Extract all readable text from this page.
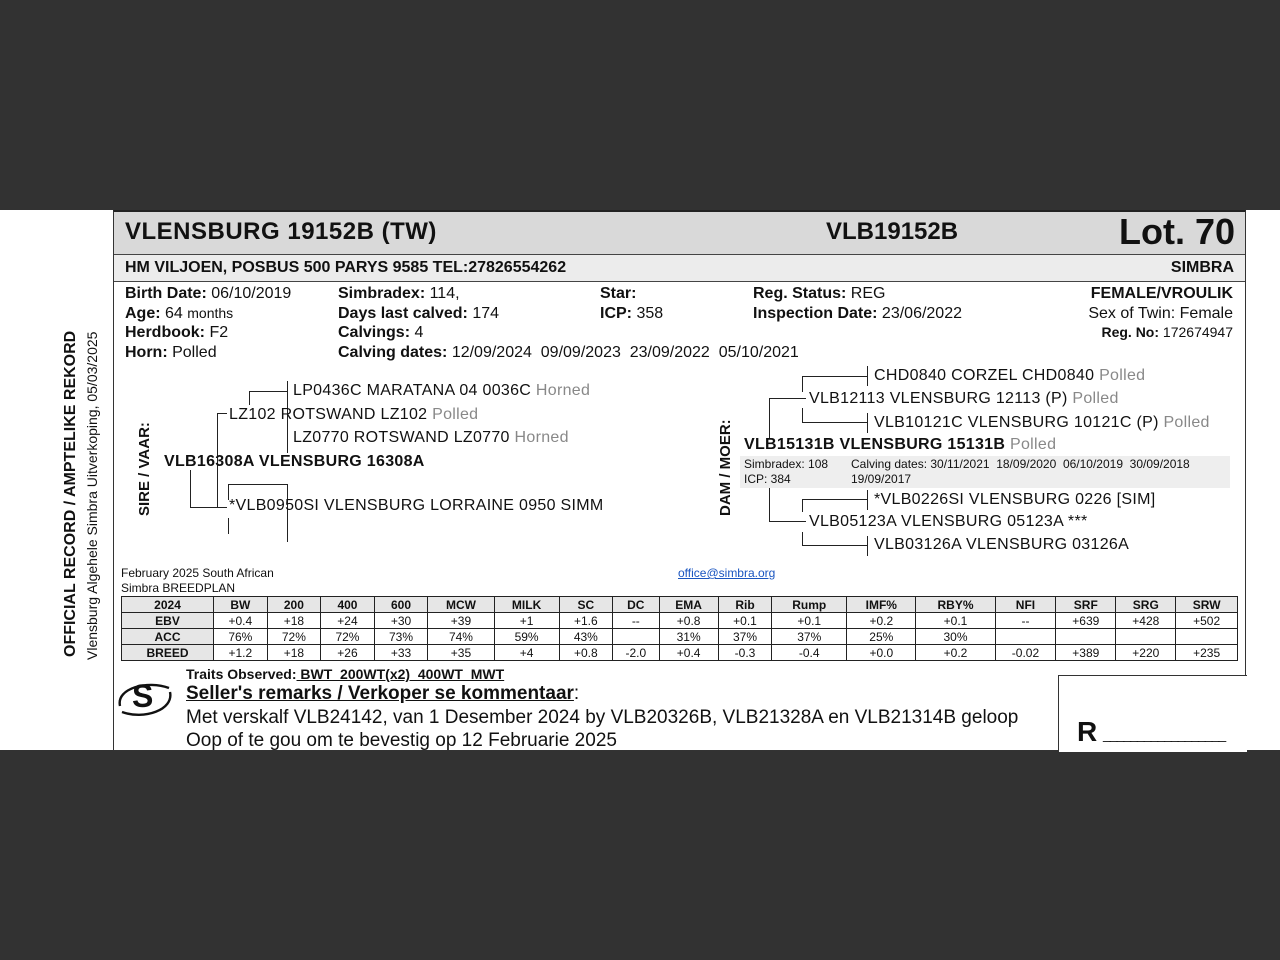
OFFICIAL RECORD / AMPTELIKE REKORD Vlensburg Algehele Simbra Uitverkoping, 05/03/2025
VLENSBURG 19152B (TW)	VLB19152B	Lot. 70
HM VILJOEN, POSBUS 500 PARYS 9585 TEL:27826554262	SIMBRA
Birth Date: 06/10/2019
Age: 64 months
Herdbook: F2
Horn: Polled
Simbradex: 114,
Days last calved: 174
Calvings: 4
Calving dates: 12/09/2024  09/09/2023  23/09/2022  05/10/2021
Star:
ICP: 358
Reg. Status: REG
Inspection Date: 23/06/2022
FEMALE/VROULIK
Sex of Twin: Female
Reg. No: 172674947
SIRE / VAAR:
LP0436C MARATANA 04 0036C Horned
LZ102 ROTSWAND LZ102 Polled
LZ0770 ROTSWAND LZ0770 Horned
VLB16308A VLENSBURG 16308A
*VLB0950SI VLENSBURG LORRAINE 0950 SIMM	DAM / MOER:
CHD0840 CORZEL CHD0840 Polled
VLB12113 VLENSBURG 12113 (P) Polled
VLB10121C VLENSBURG 10121C (P) Polled
VLB15131B VLENSBURG 15131B Polled
Simbradex: 108
ICP: 384
Calving dates: 30/11/2021  18/09/2020  06/10/2019  30/09/2018
19/09/2017
*VLB0226SI VLENSBURG 0226 [SIM]
VLB05123A VLENSBURG 05123A ***
VLB03126A VLENSBURG 03126A
February 2025 South African
Simbra BREEDPLAN
office@simbra.org
2024	BW	200	400	600	MCW	MILK	SC	DC	EMA	Rib	Rump	IMF%	RBY%	NFI	SRF	SRG	SRW
EBV	+0.4	+18	+24	+30	+39	+1	+1.6	--	+0.8	+0.1	+0.1	+0.2	+0.1	--	+639	+428	+502
ACC	76%	72%	72%	73%	74%	59%	43%		31%	37%	37%	25%	30%				
BREED	+1.2	+18	+26	+33	+35	+4	+0.8	-2.0	+0.4	-0.3	-0.4	+0.0	+0.2	-0.02	+389	+220	+235
S
Traits Observed: BWT  200WT(x2)  400WT  MWT
Seller's remarks / Verkoper se kommentaar:
Met verskalf VLB24142, van 1 Desember 2024 by VLB20326B, VLB21328A en VLB21314B geloop
Oop of te gou om te bevestig op 12 Februarie 2025	R __________________
